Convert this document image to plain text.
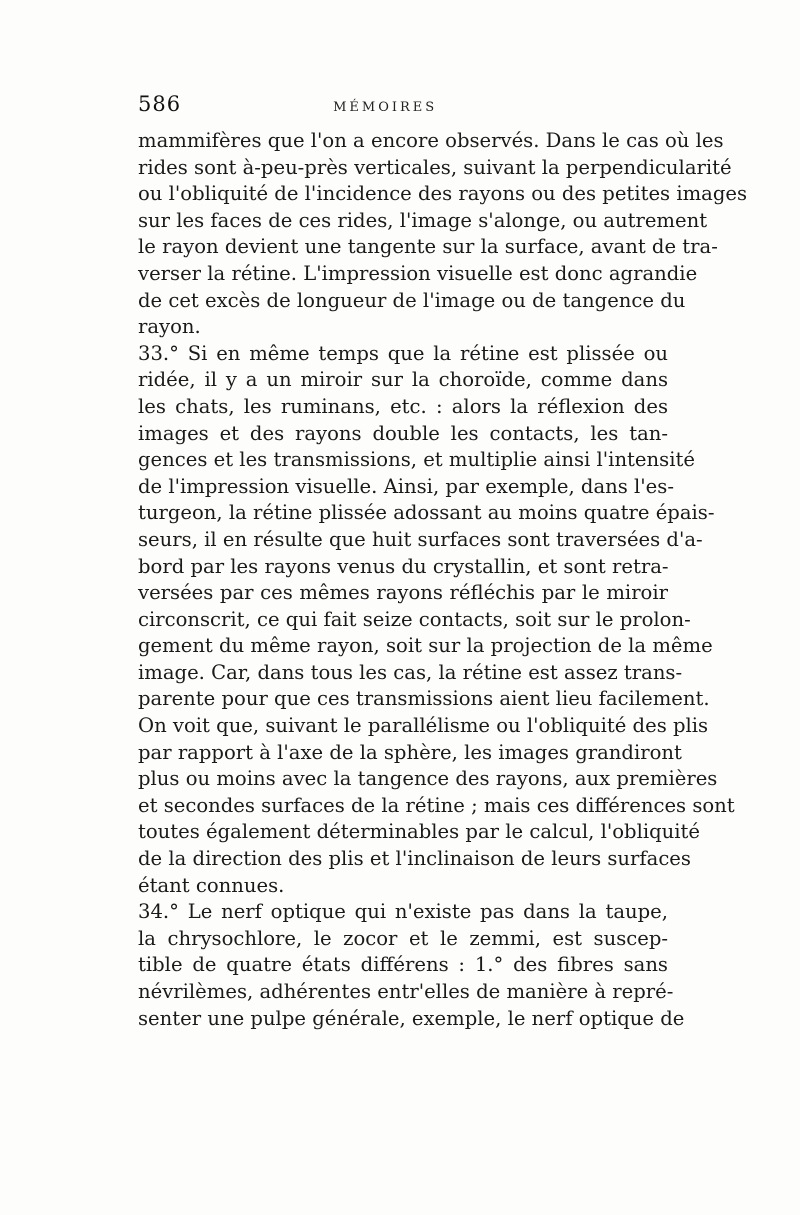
586	MÉMOIRES
mammifères que l'on a encore observés. Dans le cas où les
rides sont à-peu-près verticales, suivant la perpendicularité
ou l'obliquité de l'incidence des rayons ou des petites images
sur les faces de ces rides, l'image s'alonge, ou autrement
le rayon devient une tangente sur la surface, avant de tra-
verser la rétine. L'impression visuelle est donc agrandie
de cet excès de longueur de l'image ou de tangence du
rayon.
33.° Si en même temps que la rétine est plissée ou
ridée, il y a un miroir sur la choroïde, comme dans
les chats, les ruminans, etc. : alors la réflexion des
images et des rayons double les contacts, les tan-
gences et les transmissions, et multiplie ainsi l'intensité
de l'impression visuelle. Ainsi, par exemple, dans l'es-
turgeon, la rétine plissée adossant au moins quatre épais-
seurs, il en résulte que huit surfaces sont traversées d'a-
bord par les rayons venus du crystallin, et sont retra-
versées par ces mêmes rayons réfléchis par le miroir
circonscrit, ce qui fait seize contacts, soit sur le prolon-
gement du même rayon, soit sur la projection de la même
image. Car, dans tous les cas, la rétine est assez trans-
parente pour que ces transmissions aient lieu facilement.
On voit que, suivant le parallélisme ou l'obliquité des plis
par rapport à l'axe de la sphère, les images grandiront
plus ou moins avec la tangence des rayons, aux premières
et secondes surfaces de la rétine ; mais ces différences sont
toutes également déterminables par le calcul, l'obliquité
de la direction des plis et l'inclinaison de leurs surfaces
étant connues.
34.° Le nerf optique qui n'existe pas dans la taupe,
la chrysochlore, le zocor et le zemmi, est suscep-
tible de quatre états différens : 1.° des fibres sans
névrilèmes, adhérentes entr'elles de manière à repré-
senter une pulpe générale, exemple, le nerf optique de
